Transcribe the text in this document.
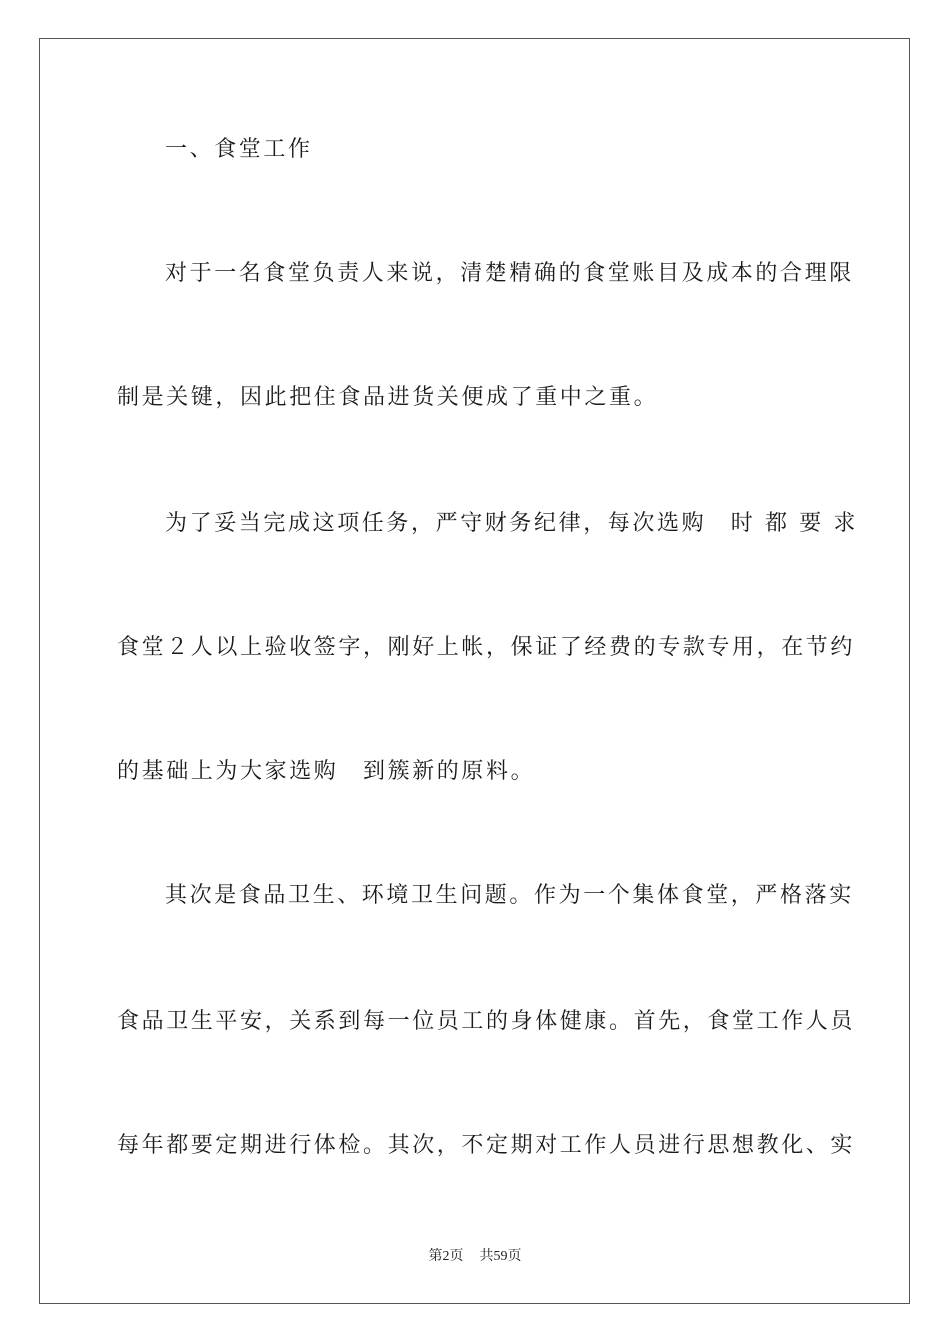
一、食堂工作
对于一名食堂负责人来说，清楚精确的食堂账目及成本的合理限
制是关键，因此把住食品进货关便成了重中之重。
为了妥当完成这项任务，严守财务纪律，每次选购　时 都 要 求
食堂２人以上验收签字，刚好上帐，保证了经费的专款专用，在节约
的基础上为大家选购　到簇新的原料。
其次是食品卫生、环境卫生问题。作为一个集体食堂，严格落实
食品卫生平安，关系到每一位员工的身体健康。首先，食堂工作人员
每年都要定期进行体检。其次，不定期对工作人员进行思想教化、实
第2页 共59页
